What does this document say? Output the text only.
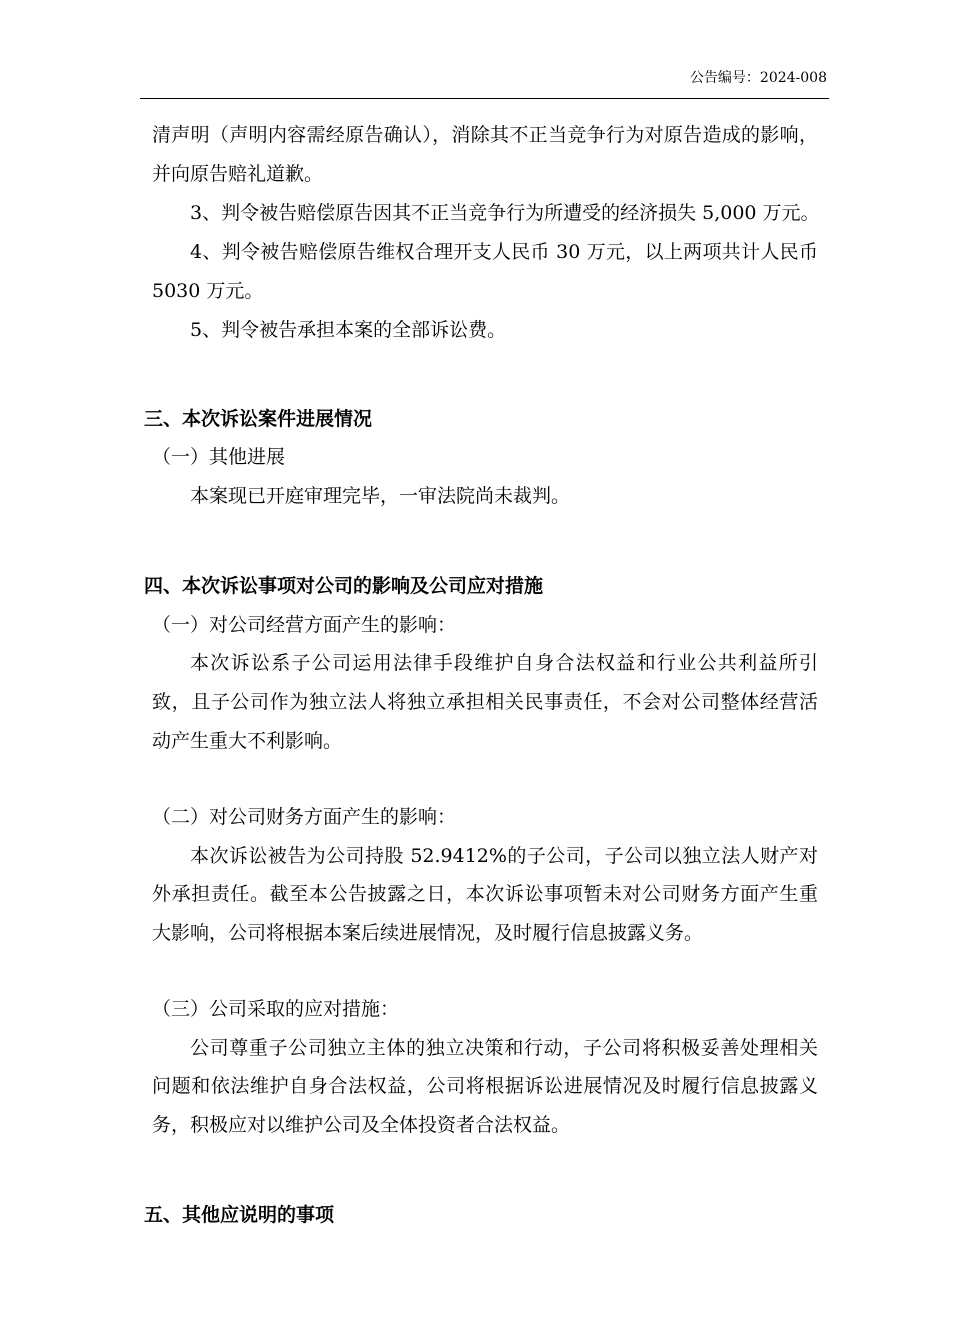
公告编号：2024-008
清声明（声明内容需经原告确认），消除其不正当竞争行为对原告造成的影响，
并向原告赔礼道歉。
3、判令被告赔偿原告因其不正当竞争行为所遭受的经济损失 5,000 万元。
4、判令被告赔偿原告维权合理开支人民币 30 万元，以上两项共计人民币
5030 万元。
5、判令被告承担本案的全部诉讼费。
三、本次诉讼案件进展情况
（一）其他进展
本案现已开庭审理完毕，一审法院尚未裁判。
四、本次诉讼事项对公司的影响及公司应对措施
（一）对公司经营方面产生的影响：
本次诉讼系子公司运用法律手段维护自身合法权益和行业公共利益所引
致，且子公司作为独立法人将独立承担相关民事责任，不会对公司整体经营活
动产生重大不利影响。
（二）对公司财务方面产生的影响：
本次诉讼被告为公司持股 52.9412%的子公司，子公司以独立法人财产对
外承担责任。截至本公告披露之日，本次诉讼事项暂未对公司财务方面产生重
大影响，公司将根据本案后续进展情况，及时履行信息披露义务。
（三）公司采取的应对措施：
公司尊重子公司独立主体的独立决策和行动，子公司将积极妥善处理相关
问题和依法维护自身合法权益，公司将根据诉讼进展情况及时履行信息披露义
务，积极应对以维护公司及全体投资者合法权益。
五、其他应说明的事项
